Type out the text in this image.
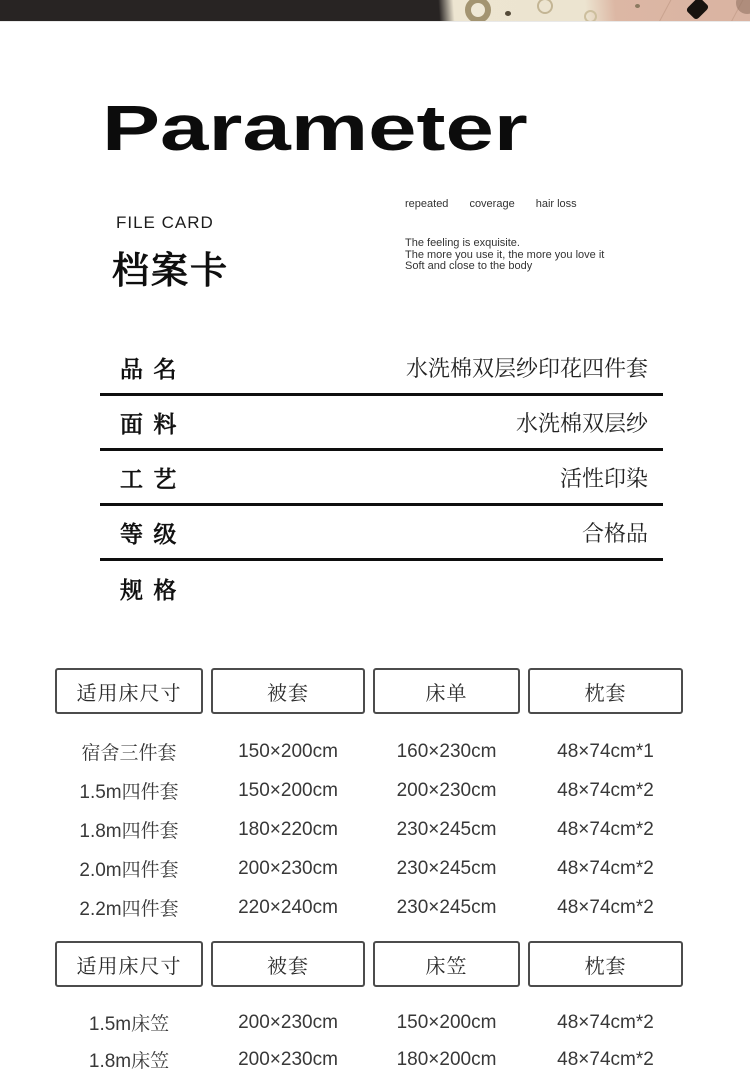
Parameter
FILE CARD
档案卡
repeated coverage hair loss
The feeling is exquisite.
The more you use it, the more you love it
Soft and close to the body
品 名	水洗棉双层纱印花四件套
面 料	水洗棉双层纱
工 艺	活性印染
等 级	合格品
规 格
适用床尺寸	被套	床单	枕套
宿舍三件套	150×200cm	160×230cm	48×74cm*1
1.5m四件套	150×200cm	200×230cm	48×74cm*2
1.8m四件套	180×220cm	230×245cm	48×74cm*2
2.0m四件套	200×230cm	230×245cm	48×74cm*2
2.2m四件套	220×240cm	230×245cm	48×74cm*2
适用床尺寸	被套	床笠	枕套
1.5m床笠	200×230cm	150×200cm	48×74cm*2
1.8m床笠	200×230cm	180×200cm	48×74cm*2
